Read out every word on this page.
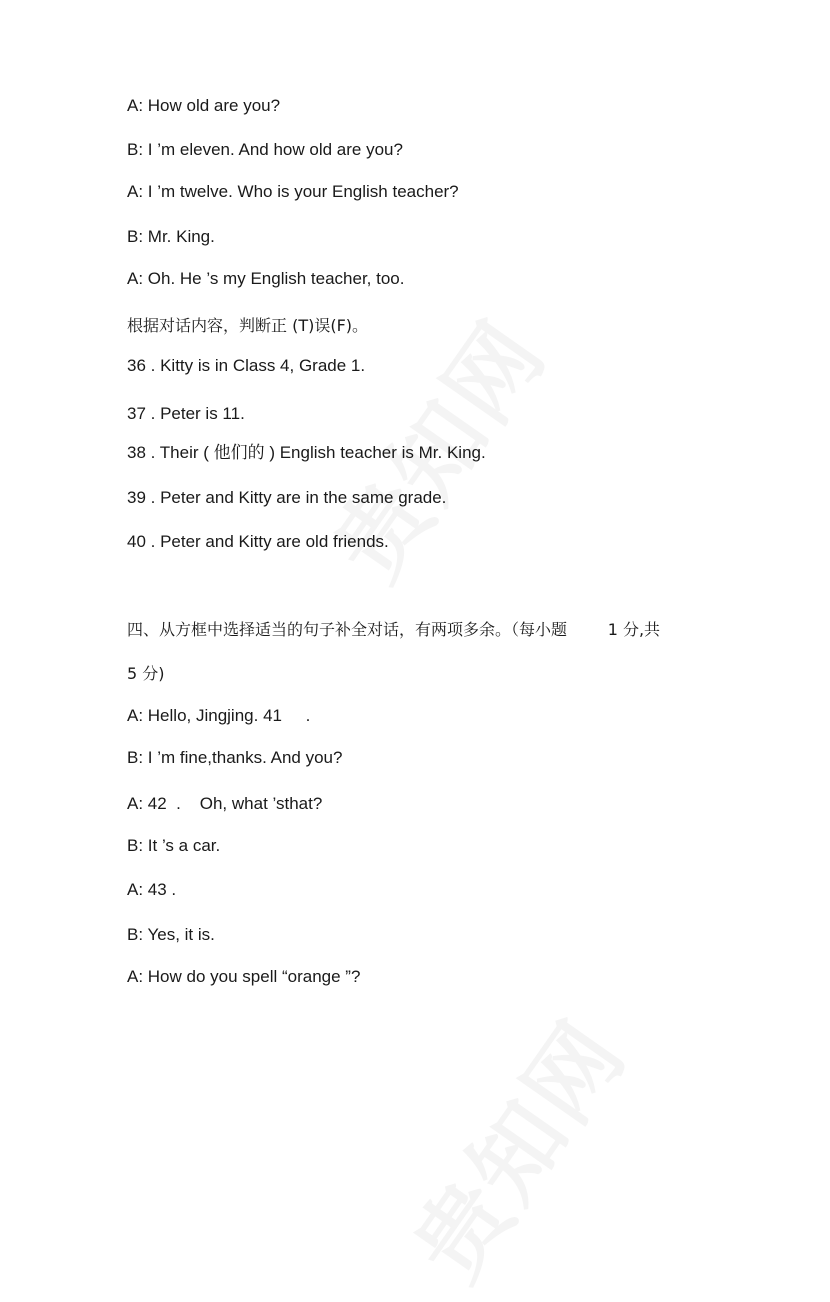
A: How old are you?
B: I ’m eleven. And how old are you?
A: I ’m twelve. Who is your English teacher?
B: Mr. King.
A: Oh. He ’s my English teacher, too.
根据对话内容，判断正 (T)误(F)。
36 . Kitty is in Class 4, Grade 1.
37 . Peter is 11.
38 . Their ( 他们的 ) English teacher is Mr. King.
39 . Peter and Kitty are in the same grade.
40 . Peter and Kitty are old friends.
四、从方框中选择适当的句子补全对话，有两项多余。（每小题        1 分,共
5 分)
A: Hello, Jingjing. 41     .
B: I ’m fine,thanks. And you?
A: 42  .    Oh, what ’sthat?
B: It ’s a car.
A: 43 .
B: Yes, it is.
A: How do you spell “orange ”?
